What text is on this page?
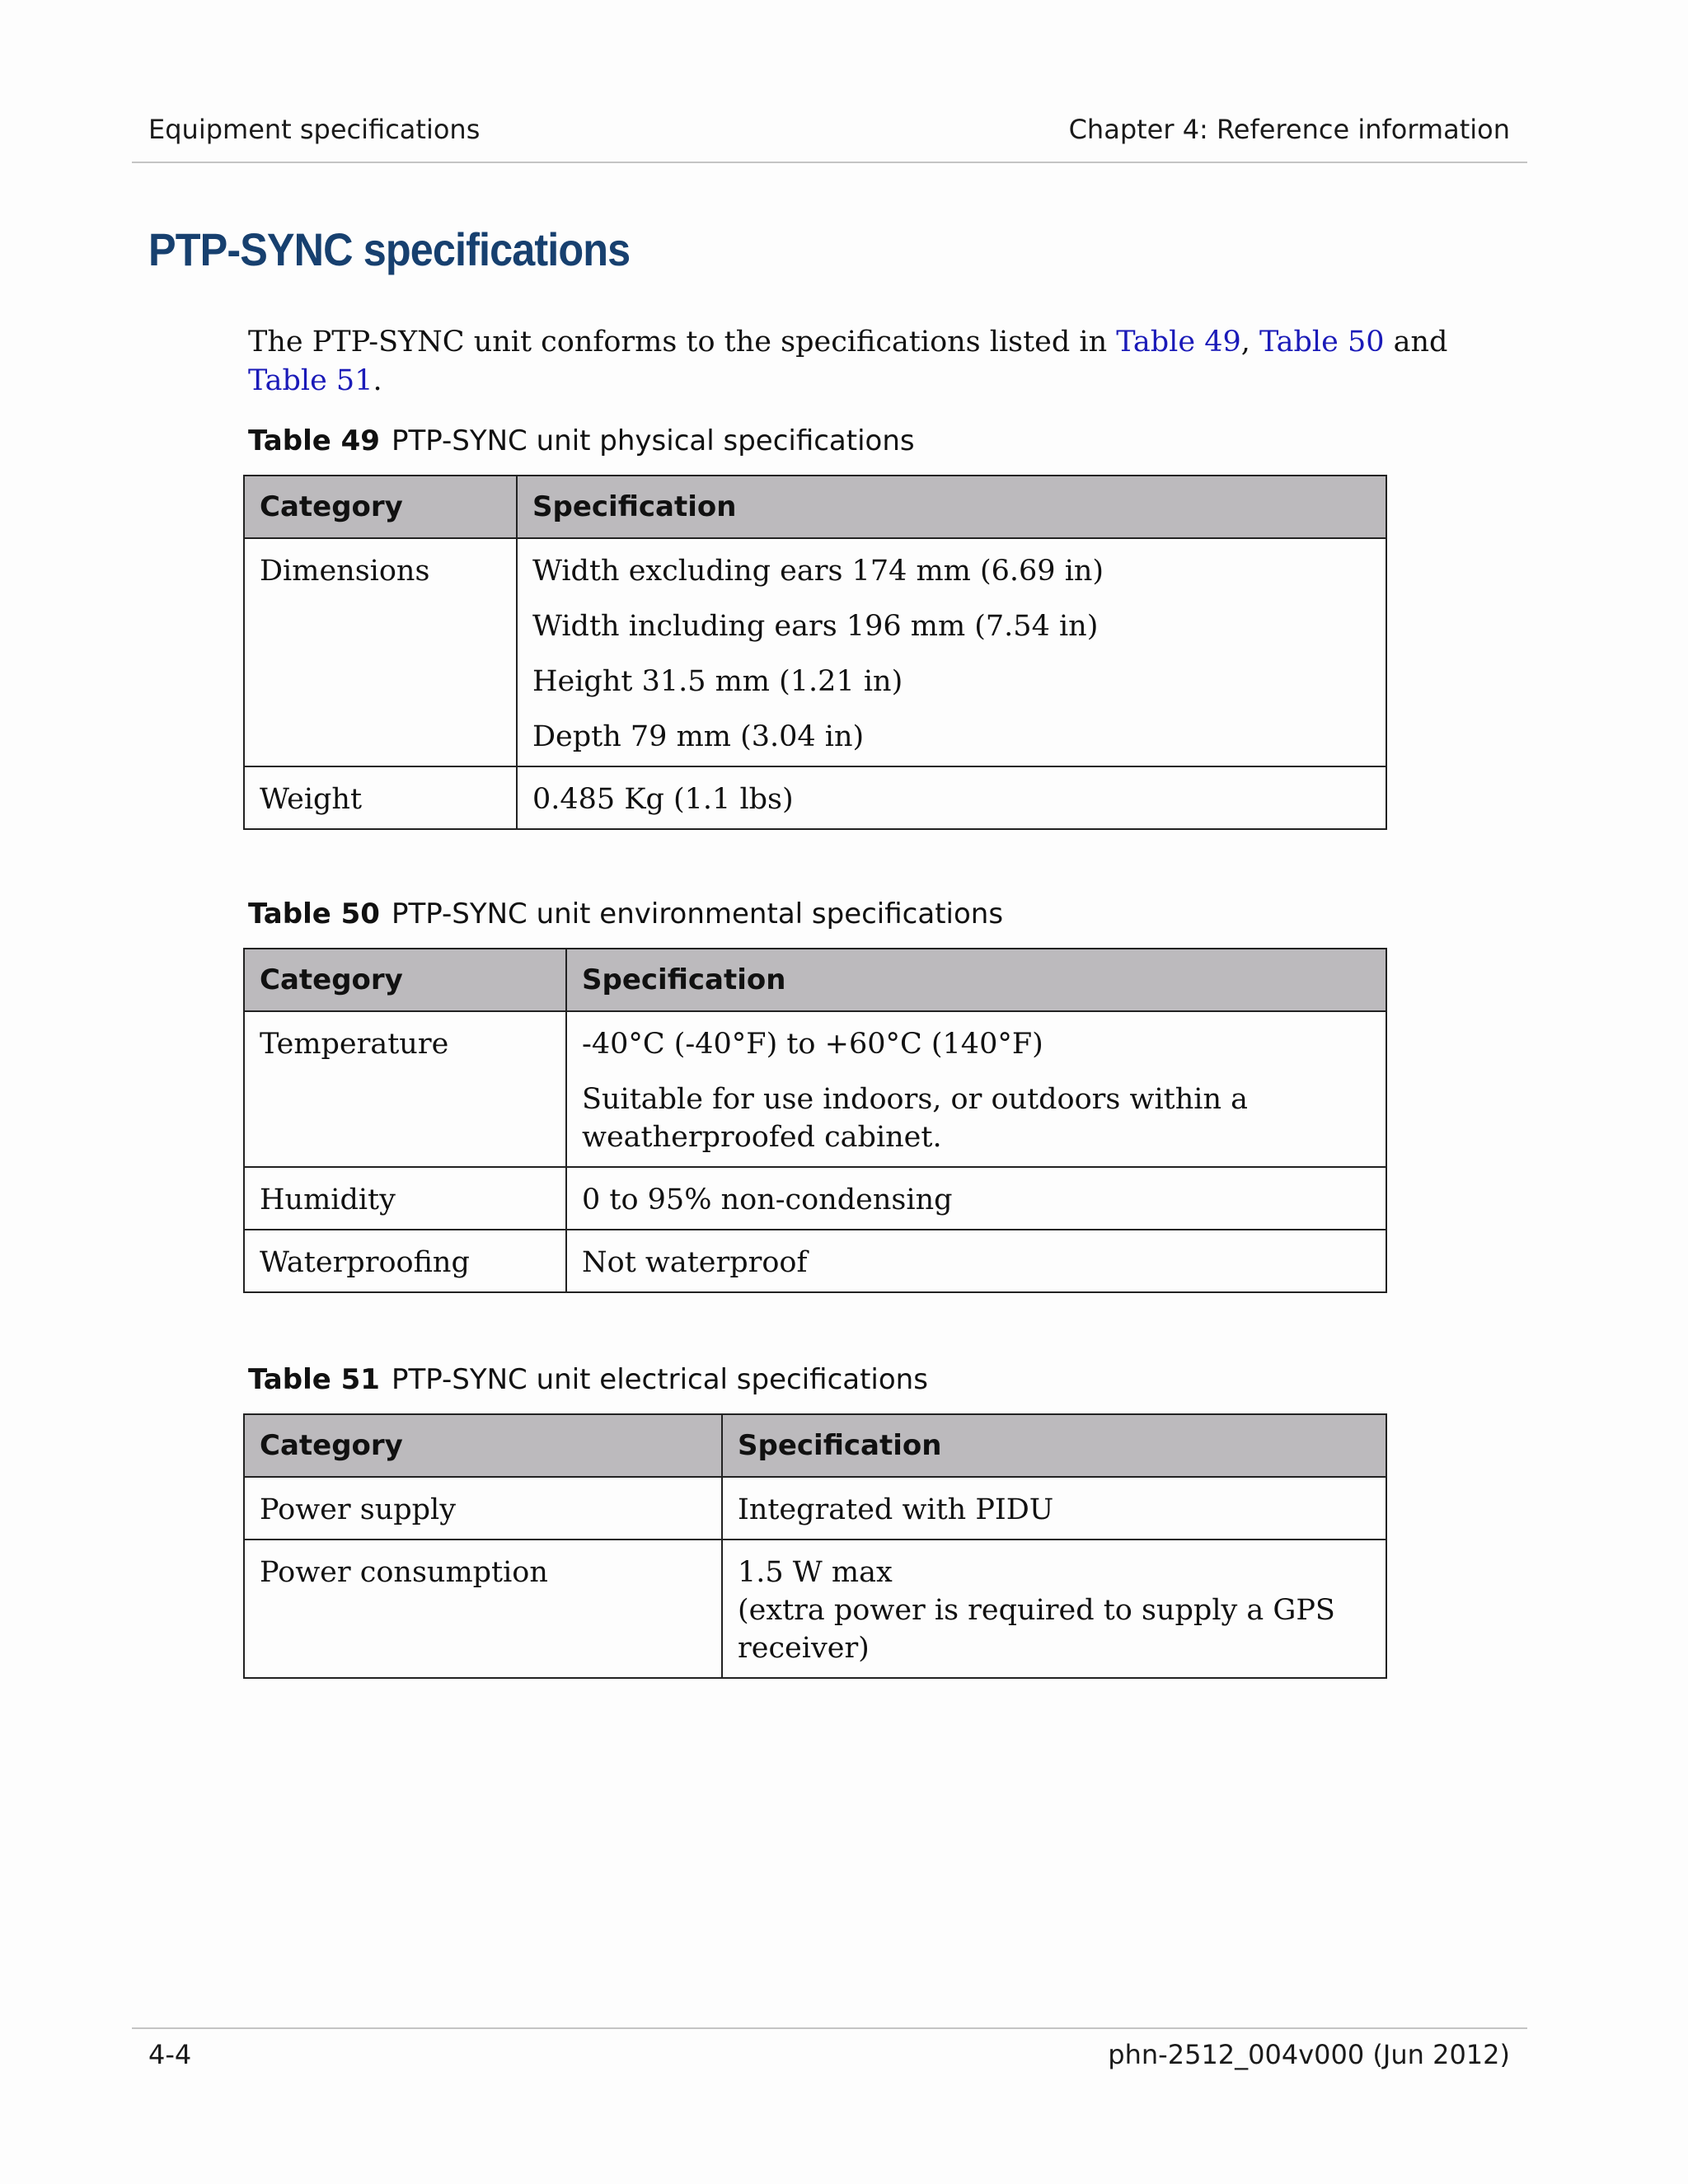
Equipment specifications	Chapter 4: Reference information
PTP-SYNC specifications

The PTP-SYNC unit conforms to the specifications listed in Table 49, Table 50 and Table 51.

Table 49 PTP-SYNC unit physical specifications

Category	Specification
Dimensions	Width excluding ears 174 mm (6.69 in)
Width including ears 196 mm (7.54 in)
Height 31.5 mm (1.21 in)
Depth 79 mm (3.04 in)

Weight	0.485 Kg (1.1 lbs)

Table 50 PTP-SYNC unit environmental specifications

Category	Specification
Temperature	-40°C (-40°F) to +60°C (140°F)
Suitable for use indoors, or outdoors within a weatherproofed cabinet.

Humidity	0 to 95% non-condensing

Waterproofing	Not waterproof

Table 51 PTP-SYNC unit electrical specifications

Category	Specification
Power supply	Integrated with PIDU

Power consumption	1.5 W max
(extra power is required to supply a GPS receiver)
4-4	phn-2512_004v000 (Jun 2012)
